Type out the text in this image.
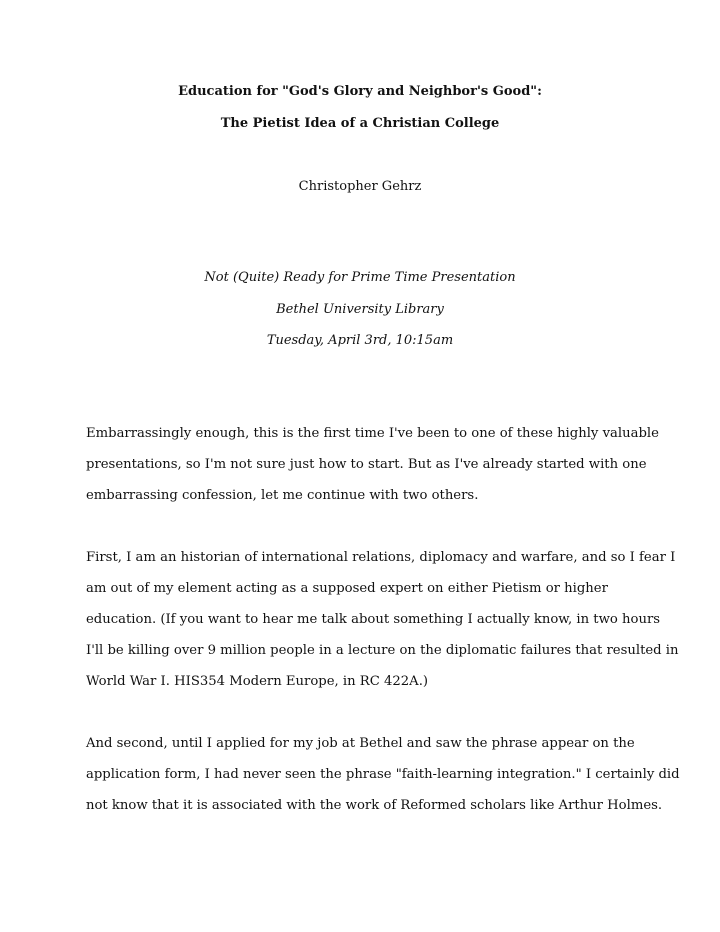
Education for "God's Glory and Neighbor's Good":
The Pietist Idea of a Christian College
Christopher Gehrz
Not (Quite) Ready for Prime Time Presentation
Bethel University Library
Tuesday, April 3rd, 10:15am
Embarrassingly enough, this is the first time I've been to one of these highly valuable
presentations, so I'm not sure just how to start. But as I've already started with one
embarrassing confession, let me continue with two others.
First, I am an historian of international relations, diplomacy and warfare, and so I fear I
am out of my element acting as a supposed expert on either Pietism or higher
education. (If you want to hear me talk about something I actually know, in two hours
I'll be killing over 9 million people in a lecture on the diplomatic failures that resulted in
World War I. HIS354 Modern Europe, in RC 422A.)
And second, until I applied for my job at Bethel and saw the phrase appear on the
application form, I had never seen the phrase "faith-learning integration." I certainly did
not know that it is associated with the work of Reformed scholars like Arthur Holmes.
